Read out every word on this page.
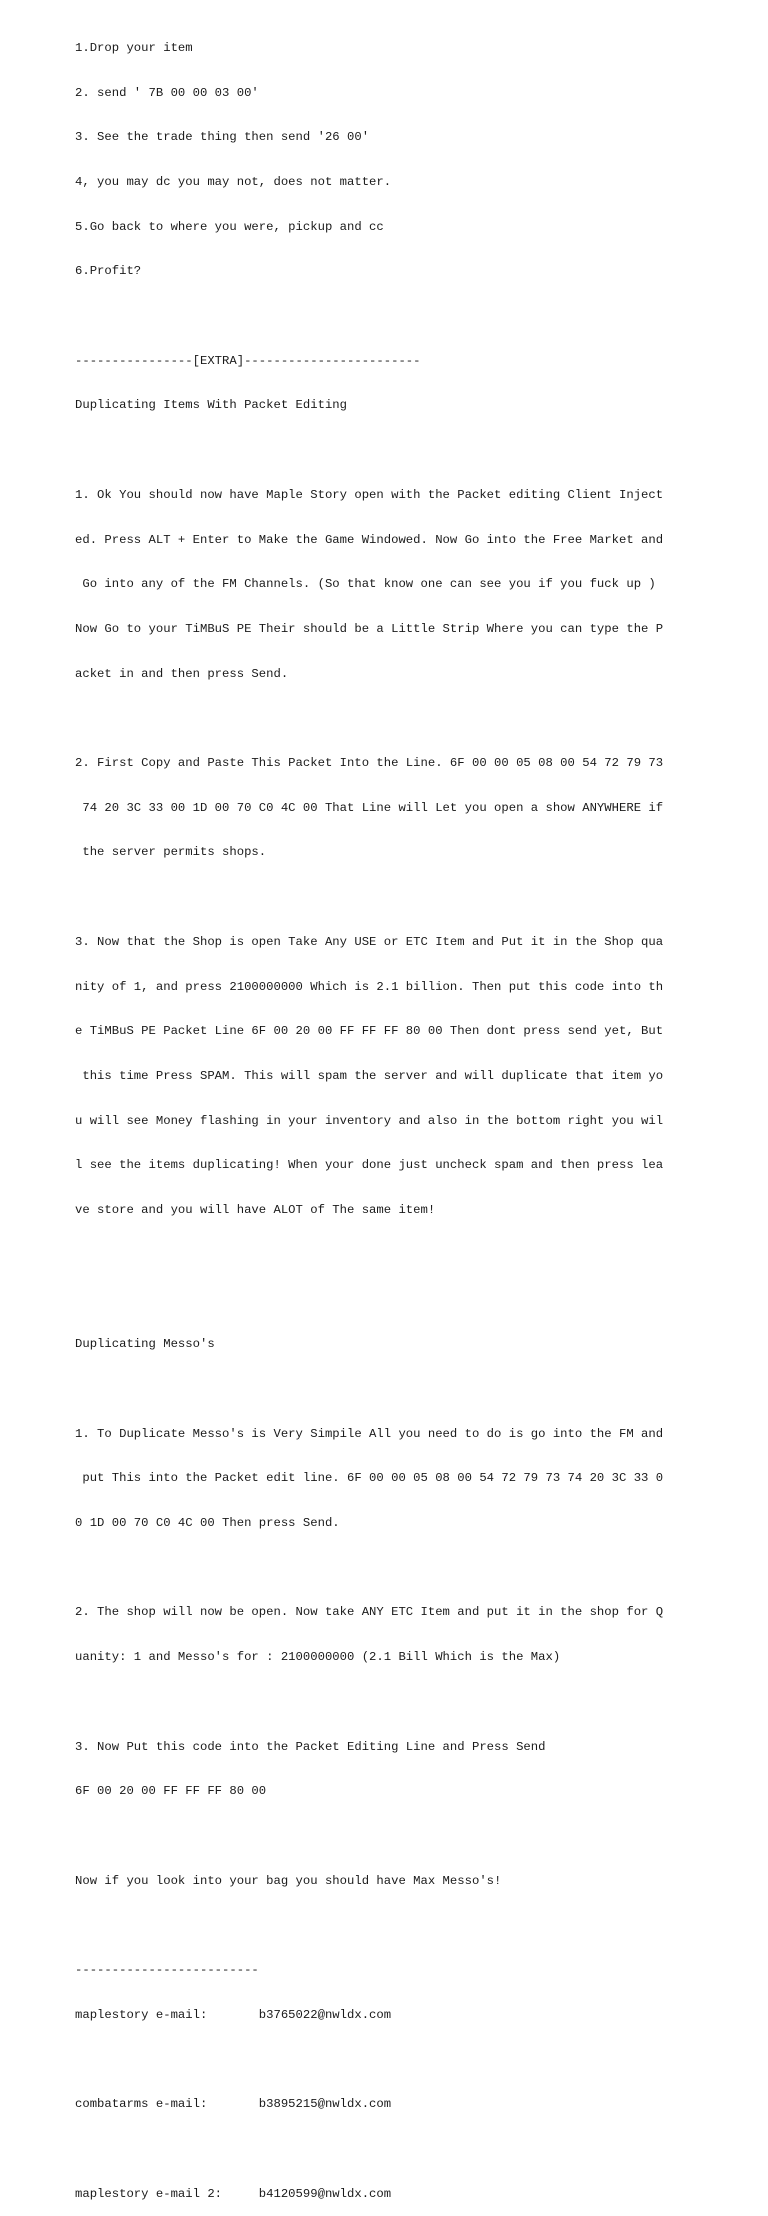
1.Drop your item

2. send ' 7B 00 00 03 00'

3. See the trade thing then send '26 00'

4, you may dc you may not, does not matter.

5.Go back to where you were, pickup and cc

6.Profit?

----------------[EXTRA]------------------------

Duplicating Items With Packet Editing

1. Ok You should now have Maple Story open with the Packet editing Client Inject

ed. Press ALT + Enter to Make the Game Windowed. Now Go into the Free Market and

Go into any of the FM Channels. (So that know one can see you if you fuck up )

Now Go to your TiMBuS PE Their should be a Little Strip Where you can type the P

acket in and then press Send.

2. First Copy and Paste This Packet Into the Line. 6F 00 00 05 08 00 54 72 79 73

74 20 3C 33 00 1D 00 70 C0 4C 00 That Line will Let you open a show ANYWHERE if

the server permits shops.

3. Now that the Shop is open Take Any USE or ETC Item and Put it in the Shop qua

nity of 1, and press 2100000000 Which is 2.1 billion. Then put this code into th

e TiMBuS PE Packet Line 6F 00 20 00 FF FF FF 80 00 Then dont press send yet, But

this time Press SPAM. This will spam the server and will duplicate that item yo

u will see Money flashing in your inventory and also in the bottom right you wil

l see the items duplicating! When your done just uncheck spam and then press lea

ve store and you will have ALOT of The same item!

Duplicating Messo's

1. To Duplicate Messo's is Very Simpile All you need to do is go into the FM and

put This into the Packet edit line. 6F 00 00 05 08 00 54 72 79 73 74 20 3C 33 0

0 1D 00 70 C0 4C 00 Then press Send.

2. The shop will now be open. Now take ANY ETC Item and put it in the shop for Q

uanity: 1 and Messo's for : 2100000000 (2.1 Bill Which is the Max)

3. Now Put this code into the Packet Editing Line and Press Send

6F 00 20 00 FF FF FF 80 00

Now if you look into your bag you should have Max Messo's!

-------------------------

maplestory e-mail:       b3765022@nwldx.com

combatarms e-mail:       b3895215@nwldx.com

maplestory e-mail 2:     b4120599@nwldx.com
